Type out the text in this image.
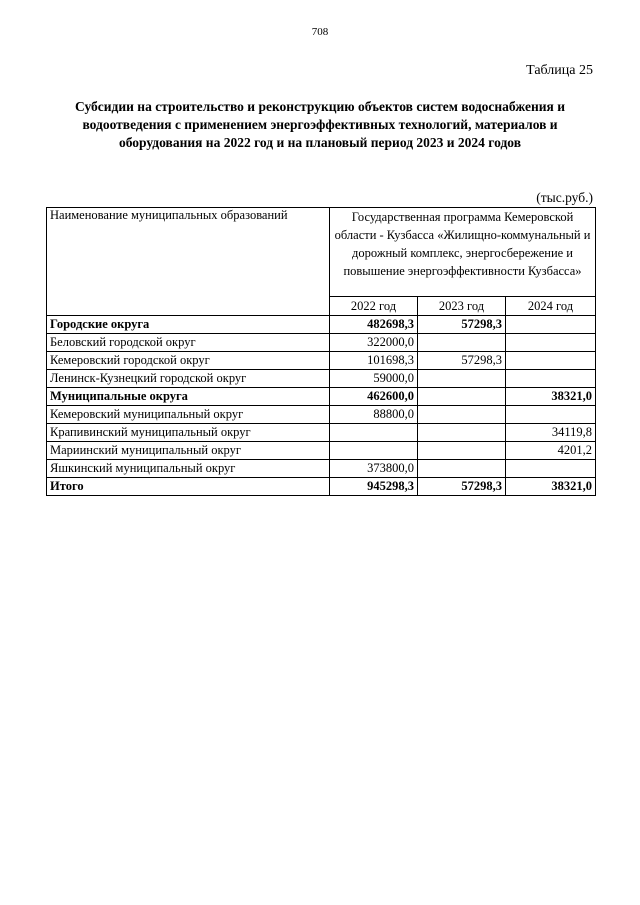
708
Таблица 25
Субсидии на строительство и реконструкцию объектов систем водоснабжения и водоотведения с применением энергоэффективных технологий, материалов и оборудования на 2022 год и на плановый период 2023 и 2024 годов
(тыс.руб.)
Наименование муниципальных образований	Государственная программа Кемеровской области - Кузбасса «Жилищно-коммунальный и дорожный комплекс, энергосбережение и повышение энергоэффективности Кузбасса»		
	2022 год	2023 год	2024 год
Городские округа	482698,3	57298,3	
Беловский городской округ	322000,0		
Кемеровский городской округ	101698,3	57298,3	
Ленинск-Кузнецкий городской округ	59000,0		
Муниципальные округа	462600,0		38321,0
Кемеровский муниципальный округ	88800,0		
Крапивинский муниципальный округ			34119,8
Мариинский муниципальный округ			4201,2
Яшкинский муниципальный округ	373800,0		
Итого	945298,3	57298,3	38321,0
